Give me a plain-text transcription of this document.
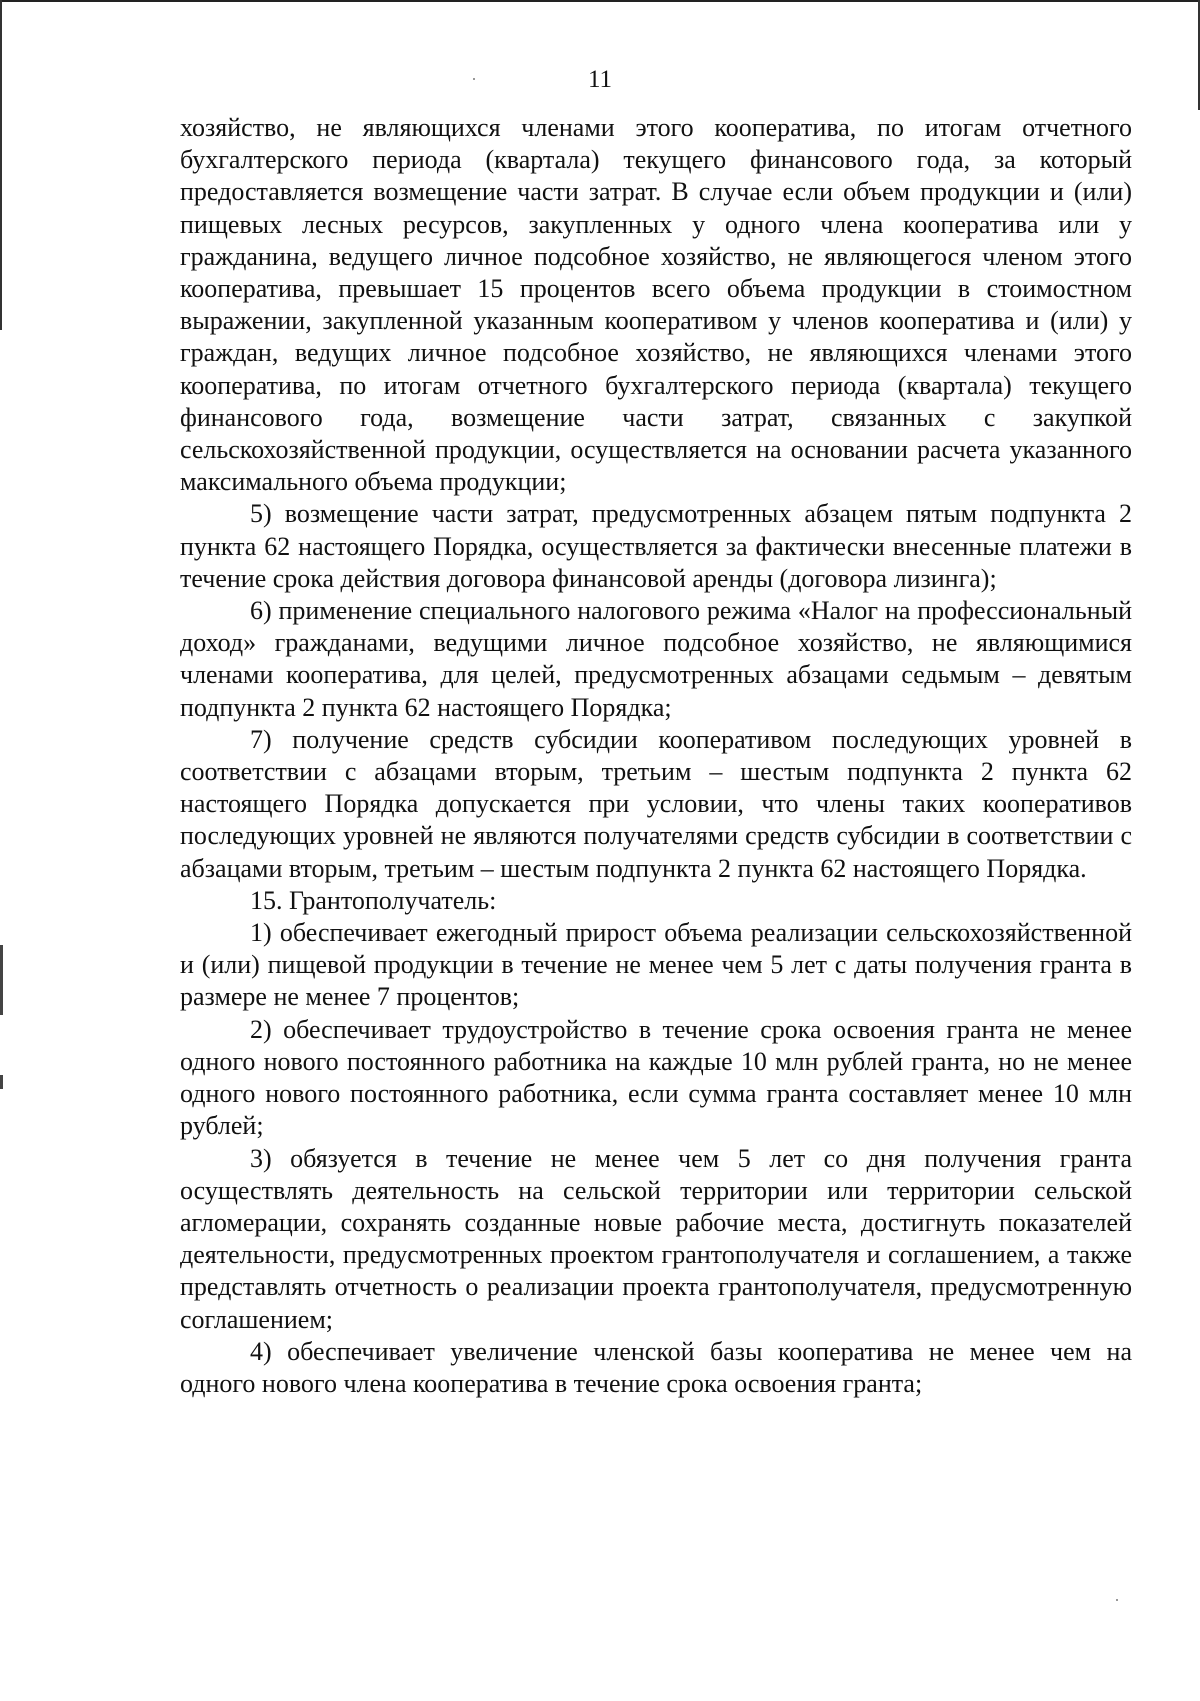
11

хозяйство, не являющихся членами этого кооператива, по итогам отчетного бухгалтерского периода (квартала) текущего финансового года, за который предоставляется возмещение части затрат. В случае если объем продукции и (или) пищевых лесных ресурсов, закупленных у одного члена кооператива или у гражданина, ведущего личное подсобное хозяйство, не являющегося членом этого кооператива, превышает 15 процентов всего объема продукции в стоимостном выражении, закупленной указанным кооперативом у членов кооператива и (или) у граждан, ведущих личное подсобное хозяйство, не являющихся членами этого кооператива, по итогам отчетного бухгалтерского периода (квартала) текущего финансового года, возмещение части затрат, связанных с закупкой сельскохозяйственной продукции, осуществляется на основании расчета указанного максимального объема продукции;

5) возмещение части затрат, предусмотренных абзацем пятым подпункта 2 пункта 62 настоящего Порядка, осуществляется за фактически внесенные платежи в течение срока действия договора финансовой аренды (договора лизинга);

6) применение специального налогового режима «Налог на профессиональный доход» гражданами, ведущими личное подсобное хозяйство, не являющимися членами кооператива, для целей, предусмотренных абзацами седьмым – девятым подпункта 2 пункта 62 настоящего Порядка;

7) получение средств субсидии кооперативом последующих уровней в соответствии с абзацами вторым, третьим – шестым подпункта 2 пункта 62 настоящего Порядка допускается при условии, что члены таких кооперативов последующих уровней не являются получателями средств субсидии в соответствии с абзацами вторым, третьим – шестым подпункта 2 пункта 62 настоящего Порядка.

15. Грантополучатель:

1) обеспечивает ежегодный прирост объема реализации сельскохозяйственной и (или) пищевой продукции в течение не менее чем 5 лет с даты получения гранта в размере не менее 7 процентов;

2) обеспечивает трудоустройство в течение срока освоения гранта не менее одного нового постоянного работника на каждые 10 млн рублей гранта, но не менее одного нового постоянного работника, если сумма гранта составляет менее 10 млн рублей;

3) обязуется в течение не менее чем 5 лет со дня получения гранта осуществлять деятельность на сельской территории или территории сельской агломерации, сохранять созданные новые рабочие места, достигнуть показателей деятельности, предусмотренных проектом грантополучателя и соглашением, а также представлять отчетность о реализации проекта грантополучателя, предусмотренную соглашением;

4) обеспечивает увеличение членской базы кооператива не менее чем на одного нового члена кооператива в течение срока освоения гранта;
